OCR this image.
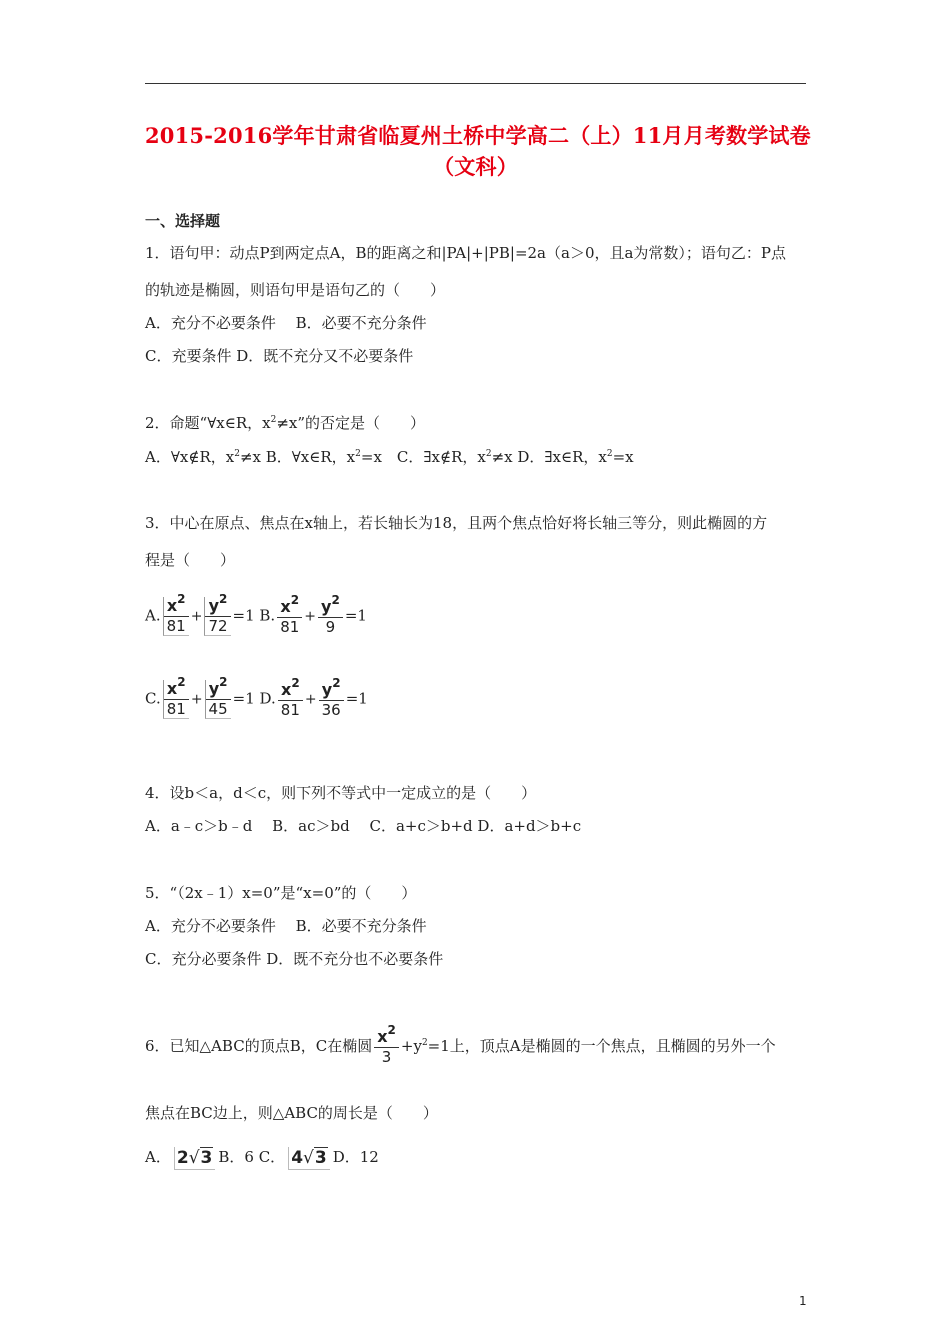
2015-2016学年甘肃省临夏州土桥中学高二（上）11月月考数学试卷
（文科）
一、选择题
1．语句甲：动点P到两定点A，B的距离之和|PA|+|PB|=2a（a＞0，且a为常数）；语句乙：P点
的轨迹是椭圆，则语句甲是语句乙的（　　）
A．充分不必要条件　 B．必要不充分条件
C．充要条件 D．既不充分又不必要条件
2．命题“∀x∈R，$x^2\ne x$”的否定是（　　）
A．∀x∉R，$x^2\ne x$ B．∀x∈R，$x^2=x$　C．∃x∉R，$x^2\ne x$ D．∃x∈R，$x^2=x$
3．中心在原点、焦点在x轴上，若长轴长为18，且两个焦点恰好将长轴三等分，则此椭圆的方
程是（　　）
A. $\frac{x^2}{81} + \frac{y^2}{72} =1$ B. $\frac{x^2}{81} + \frac{y^2}{9} =1$
C. $\frac{x^2}{81} + \frac{y^2}{45} =1$ D. $\frac{x^2}{81} + \frac{y^2}{36} =1$
4．设b＜a，d＜c，则下列不等式中一定成立的是（　　）
A．a﹣c＞b﹣d　 B．ac＞bd　 C．a+c＞b+d D．a+d＞b+c
5．“（2x﹣1）x=0”是“x=0”的（　　）
A．充分不必要条件　 B．必要不充分条件
C．充分必要条件 D．既不充分也不必要条件
6．已知△ABC的顶点B，C在椭圆 $\frac{x^2}{3} +y^2=1$上，顶点A是椭圆的一个焦点，且椭圆的另外一个
焦点在BC边上，则△ABC的周长是（　　）
A． 2√3 B．6 C． 4√3 D．12
1
